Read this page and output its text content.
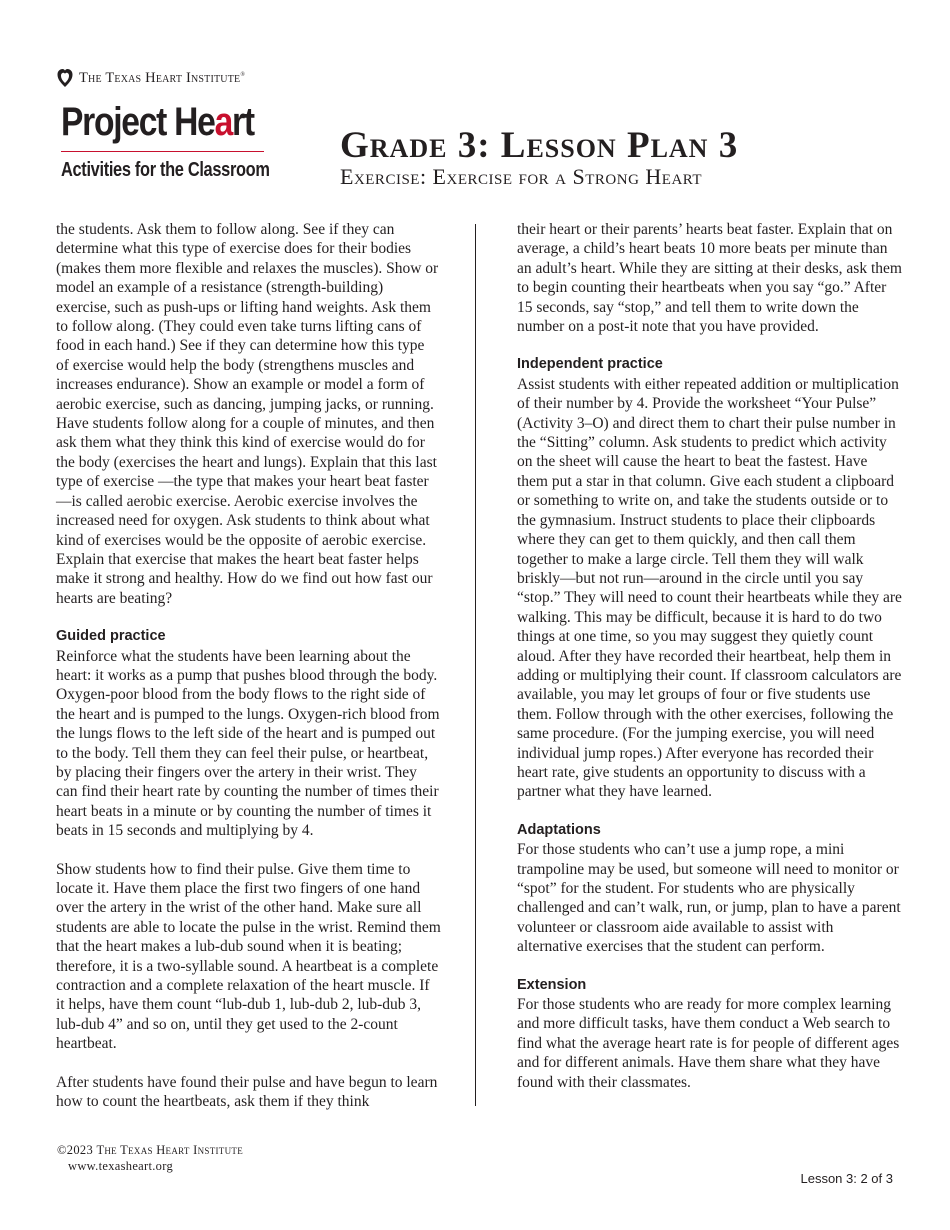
The Texas Heart Institute®
Project Heart
Activities for the Classroom
Grade 3: Lesson Plan 3
Exercise: Exercise for a Strong Heart

the students. Ask them to follow along. See if they can determine what this type of exercise does for their bodies (makes them more flexible and relaxes the muscles). Show or model an example of a resistance (strength-building) exercise, such as push-ups or lifting hand weights. Ask them to follow along. (They could even take turns lifting cans of food in each hand.) See if they can determine how this type of exercise would help the body (strengthens muscles and increases endurance). Show an example or model a form of aerobic exercise, such as dancing, jumping jacks, or running. Have students follow along for a couple of minutes, and then ask them what they think this kind of exercise would do for the body (exercises the heart and lungs). Explain that this last type of exercise —the type that makes your heart beat faster—is called aerobic exercise. Aerobic exercise involves the increased need for oxygen. Ask students to think about what kind of exercises would be the opposite of aerobic exercise. Explain that exercise that makes the heart beat faster helps make it strong and healthy. How do we find out how fast our hearts are beating?

Guided practice

Reinforce what the students have been learning about the heart: it works as a pump that pushes blood through the body. Oxygen-poor blood from the body flows to the right side of the heart and is pumped to the lungs. Oxygen-rich blood from the lungs flows to the left side of the heart and is pumped out to the body. Tell them they can feel their pulse, or heartbeat, by placing their fingers over the artery in their wrist. They can find their heart rate by counting the number of times their heart beats in a minute or by counting the number of times it beats in 15 seconds and multiplying by 4.

Show students how to find their pulse. Give them time to locate it. Have them place the first two fingers of one hand over the artery in the wrist of the other hand. Make sure all students are able to locate the pulse in the wrist. Remind them that the heart makes a lub-dub sound when it is beating; therefore, it is a two-syllable sound. A heartbeat is a complete contraction and a complete relaxation of the heart muscle. If it helps, have them count “lub-dub 1, lub-dub 2, lub-dub 3, lub-dub 4” and so on, until they get used to the 2-count heartbeat.

After students have found their pulse and have begun to learn how to count the heartbeats, ask them if they think

their heart or their parents’ hearts beat faster. Explain that on average, a child’s heart beats 10 more beats per minute than an adult’s heart. While they are sitting at their desks, ask them to begin counting their heartbeats when you say “go.” After 15 seconds, say “stop,” and tell them to write down the number on a post-it note that you have provided.

Independent practice

Assist students with either repeated addition or multiplication of their number by 4. Provide the worksheet “Your Pulse” (Activity 3–O) and direct them to chart their pulse number in the “Sitting” column. Ask students to predict which activity on the sheet will cause the heart to beat the fastest. Have them put a star in that column. Give each student a clipboard or something to write on, and take the students outside or to the gymnasium. Instruct students to place their clipboards where they can get to them quickly, and then call them together to make a large circle. Tell them they will walk briskly—but not run—around in the circle until you say “stop.” They will need to count their heartbeats while they are walking. This may be difficult, because it is hard to do two things at one time, so you may suggest they quietly count aloud. After they have recorded their heartbeat, help them in adding or multiplying their count. If classroom calculators are available, you may let groups of four or five students use them. Follow through with the other exercises, following the same procedure. (For the jumping exercise, you will need individual jump ropes.) After everyone has recorded their heart rate, give students an opportunity to discuss with a partner what they have learned.

Adaptations

For those students who can’t use a jump rope, a mini trampoline may be used, but someone will need to monitor or “spot” for the student. For students who are physically challenged and can’t walk, run, or jump, plan to have a parent volunteer or classroom aide available to assist with alternative exercises that the student can perform.

Extension

For those students who are ready for more complex learning and more difficult tasks, have them conduct a Web search to find what the average heart rate is for people of different ages and for different animals. Have them share what they have found with their classmates.

©2023 The Texas Heart Institute
www.texasheart.org
Lesson 3: 2 of 3
